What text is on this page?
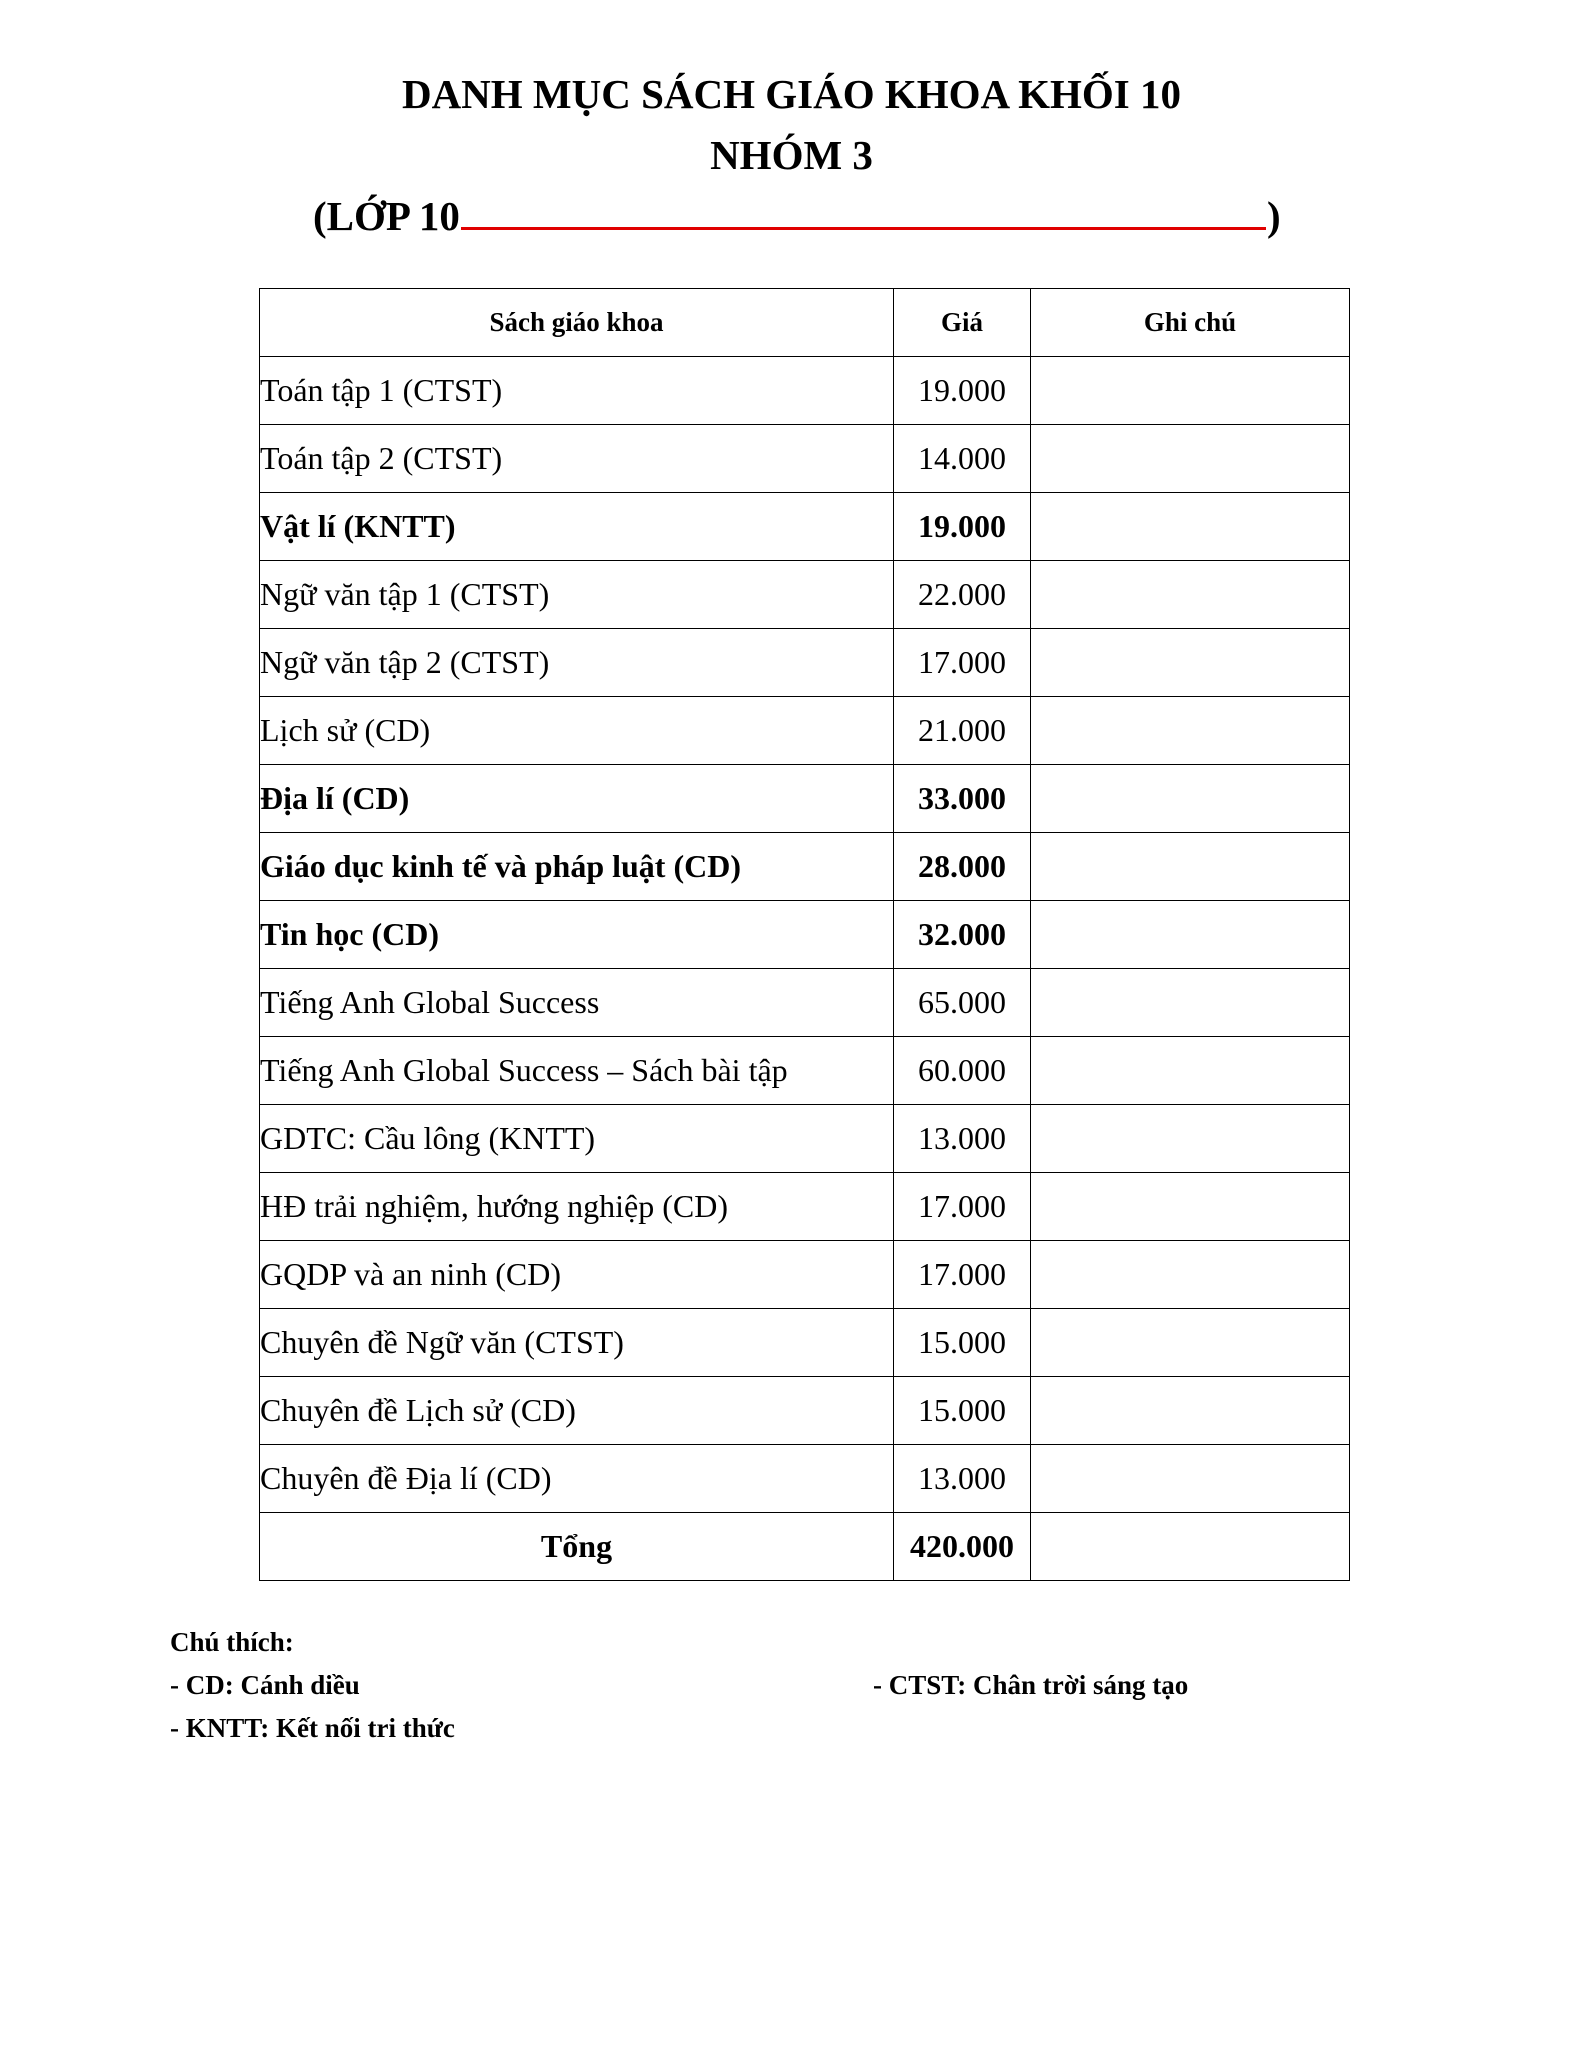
DANH MỤC SÁCH GIÁO KHOA KHỐI 10
NHÓM 3
(LỚP 10	)
Sách giáo khoa	Giá	Ghi chú
Toán tập 1 (CTST)	19.000	
Toán tập 2 (CTST)	14.000	
Vật lí (KNTT)	19.000	
Ngữ văn tập 1 (CTST)	22.000	
Ngữ văn tập 2 (CTST)	17.000	
Lịch sử (CD)	21.000	
Địa lí (CD)	33.000	
Giáo dục kinh tế và pháp luật (CD)	28.000	
Tin học (CD)	32.000	
Tiếng Anh Global Success	65.000	
Tiếng Anh Global Success – Sách bài tập	60.000	
GDTC: Cầu lông (KNTT)	13.000	
HĐ trải nghiệm, hướng nghiệp (CD)	17.000	
GQDP và an ninh (CD)	17.000	
Chuyên đề Ngữ văn (CTST)	15.000	
Chuyên đề Lịch sử (CD)	15.000	
Chuyên đề Địa lí (CD)	13.000	
Tổng	420.000	
Chú thích:
- CD: Cánh diều	- CTST: Chân trời sáng tạo
- KNTT: Kết nối tri thức
